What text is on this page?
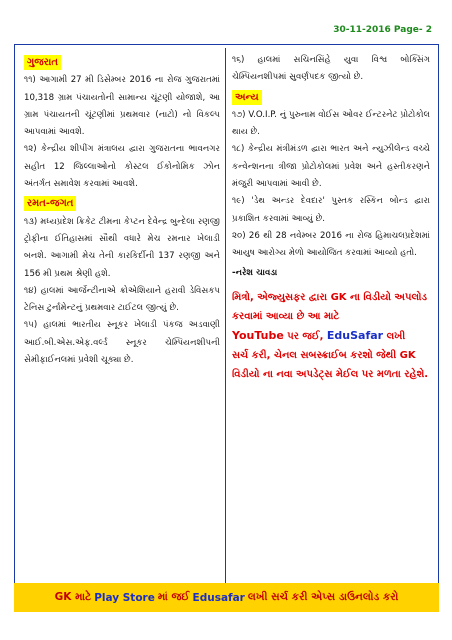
30-11-2016 Page- 2
ગુજરાત

૧૧) આગામી 27 મી ડિસેમ્બર 2016 ના રોજ ગુજરાતમાં 10,318 ગ્રામ પંચાયતોની સામાન્ય ચૂંટણી યોજાશે, આ ગ્રામ પંચાયતની ચૂંટણીમાં પ્રથમવાર (નાટો) નો વિકલ્પ આપવામાં આવશે.

૧૨) કેન્દ્રીય શીપીંગ મંત્રાલય દ્વારા ગુજરાતના ભાવનગર સહીત 12 જિલ્લાઓનો કોસ્ટલ ઈકોનોમિક ઝોન અંતર્ગત સમાવેશ કરવામાં આવશે.

રમત-જગત

૧૩) મધ્યપ્રદેશ ક્રિકેટ ટીમના કેપ્ટન દેવેન્દ્ર બુન્દેલા રણજી ટ્રોફીના ઈતિહાસમાં સૌથી વધારે મેચ રમનાર ખેલાડી બનશે. આગામી મેચ તેની કારકિર્દીની 137 રણજી અને 156 મી પ્રથમ શ્રેણી હશે.

૧૪) હાલમાં આર્જેન્ટીનાએ ક્રોએશિયાને હરાવી ડેવિસકપ ટેનિસ ટુર્નામેન્ટનું પ્રથમવાર ટાઈટલ જીત્યું છે.

૧૫) હાલમાં ભારતીય સ્નૂકર ખેલાડી પંકજ અડવાણી આઈ.બી.એસ.એફ.વર્લ્ડ સ્નૂકર ચેમ્પિયનશીપની સેમીફાઈનલમાં પ્રવેશી ચૂક્યા છે.

૧૬) હાલમાં સચિનસિંહે યુવા વિશ્વ બોક્સિંગ ચેમ્પિયનશીપમાં સુવર્ણપદક જીત્યો છે.

અન્ય

૧૭) V.O.I.P. નું પુરુનામ વોઈસ ઓવર ઈન્ટરનેટ પ્રોટોકોલ થાય છે.

૧૮) કેન્દ્રીય મંત્રીમંડળ દ્વારા ભારત અને ન્યુઝીલેન્ડ વચ્ચે કન્વેન્શનના ત્રીજા પ્રોટોકોલમાં પ્રવેશ અને હસ્તીકરણને મંજુરી આપવામાં આવી છે.

૧૯) 'ડેથ અન્ડર દેવદાર' પુસ્તક રસ્કિન બોન્ડ દ્વારા પ્રકાશિત કરવામાં આવ્યું છે.

૨૦) 26 થી 28 નવેમ્બર 2016 ના રોજ હિમાચલપ્રદેશમાં આયુષ આરોગ્ય મેળો આયોજિત કરવામાં આવ્યો હતો.

-નરેશ ચાવડા
મિત્રો, એજ્યુસફર દ્વારા GK ના વિડીયો અપલોડ કરવામાં આવ્યા છે આ માટે
YouTube પર જઈ, EduSafar લખી
સર્ચ કરી, ચેનલ સબસ્ક્રાઈબ કરશો જેથી GK વિડીયો ના નવા અપડેટ્સ મેઈલ પર મળતા રહેશે.
GK માટે Play Store માં જઈ Edusafar લખી સર્ચ કરી એપ્સ ડાઉનલોડ કરો
